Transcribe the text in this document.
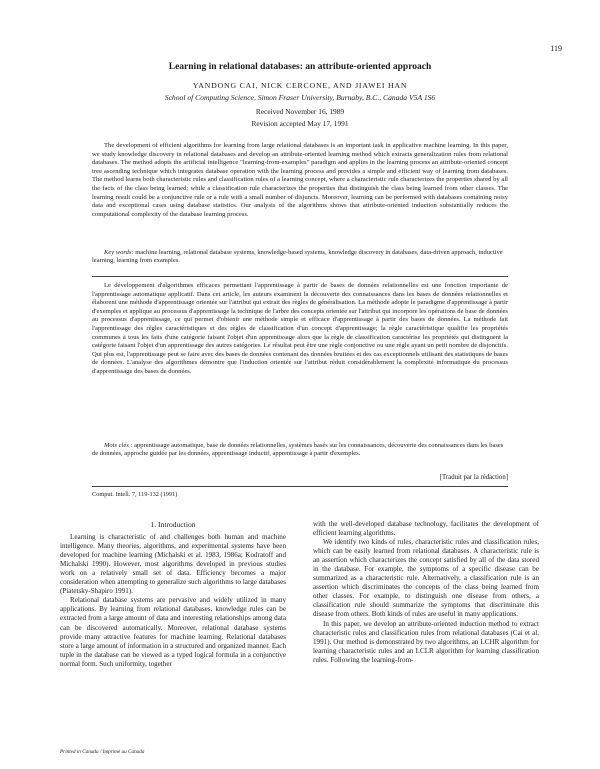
119
Learning in relational databases: an attribute-oriented approach
YANDONG CAI, NICK CERCONE, AND JIAWEI HAN
School of Computing Science, Simon Fraser University, Burnaby, B.C., Canada V5A 1S6
Received November 16, 1989
Revision accepted May 17, 1991

The development of efficient algorithms for learning from large relational databases is an important task in applicative machine learning. In this paper, we study knowledge discovery in relational databases and develop an attribute-oriented learning method which extracts generalization rules from relational databases. The method adopts the artificial intelligence "learning-from-examples" paradigm and applies in the learning process an attribute-oriented concept tree ascending technique which integrates database operation with the learning process and provides a simple and efficient way of learning from databases. The method learns both characteristic rules and classification rules of a learning concept, where a characteristic rule characterizes the properties shared by all the facts of the class being learned; while a classification rule characterizes the properties that distinguish the class being learned from other classes. The learning result could be a conjunctive rule or a rule with a small number of disjuncts. Moreover, learning can be performed with databases containing noisy data and exceptional cases using database statistics. Our analysis of the algorithms shows that attribute-oriented induction substantially reduces the computational complexity of the database learning process.

Key words: machine learning, relational database systems, knowledge-based systems, knowledge discovery in databases, data-driven approach, inductive learning, learning from examples.

Le développement d'algorithmes efficaces permettant l'apprentissage à partir de bases de données relationnelles est une fonction importante de l'apprentissage automatique applicatif. Dans cet article, les auteurs examinent la découverte des connaissances dans les bases de données relationnelles et élaborent une méthode d'apprentissage orientée sur l'attribut qui extrait des règles de généralisation. La méthode adopte le paradigme d'apprentissage à partir d'exemples et applique au processus d'apprentissage la technique de l'arbre des concepts orientée sur l'attribut qui incorpore les opérations de base de données au processus d'apprentissage, ce qui permet d'obtenir une méthode simple et efficace d'apprentissage à partir des bases de données. La méthode fait l'apprentissage des règles caractéristiques et des règles de classification d'un concept d'apprentissage; la règle caractéristique qualifie les propriétés communes à tous les faits d'une catégorie faisant l'objet d'un apprentissage alors que la règle de classification caractérise les propriétés qui distinguent la catégorie faisant l'objet d'un apprentissage des autres catégories. Le résultat peut être une règle conjonctive ou une règle ayant un petit nombre de disjonctifs. Qui plus est, l'apprentissage peut se faire avec des bases de données contenant des données bruitées et des cas exceptionnels utilisant des statistiques de bases de données. L'analyse des algorithmes démontre que l'induction orientée sur l'attribut réduit considérablement la complexité informatique du processus d'apprentissage des bases de données.

Mots clés : apprentissage automatique, base de données relationnelles, systèmes basés sur les connaissances, découverte des connaissances dans les bases de données, approche guidée par les données, apprentissage inductif, apprentissage à partir d'exemples.

[Traduit par la rédaction]
Comput. Intell. 7, 119-132 (1991)
1. Introduction

Learning is characteristic of and challenges both human and machine intelligence. Many theories, algorithms, and experimental systems have been developed for machine learning (Michalski et al. 1983, 1986a; Kodratoff and Michalski 1990). However, most algorithms developed in previous studies work on a relatively small set of data. Efficiency becomes a major consideration when attempting to generalize such algorithms to large databases (Piatetsky-Shapiro 1991).

Relational database systems are pervasive and widely utilized in many applications. By learning from relational databases, knowledge rules can be extracted from a large amount of data and interesting relationships among data can be discovered automatically. Moreover, relational database systems provide many attractive features for machine learning. Relational databases store a large amount of information in a structured and organized manner. Each tuple in the database can be viewed as a typed logical formula in a conjunctive normal form. Such uniformity, together

with the well-developed database technology, facilitates the development of efficient learning algorithms.

We identify two kinds of rules, characteristic rules and classification rules, which can be easily learned from relational databases. A characteristic rule is an assertion which characterizes the concept satisfied by all of the data stored in the database. For example, the symptoms of a specific disease can be summarized as a characteristic rule. Alternatively, a classification rule is an assertion which discriminates the concepts of the class being learned from other classes. For example, to distinguish one disease from others, a classification rule should summarize the symptoms that discriminate this disease from others. Both kinds of rules are useful in many applications.

In this paper, we develop an attribute-oriented induction method to extract characteristic rules and classification rules from relational databases (Cai et al. 1991). Our method is demonstrated by two algorithms, an LCHR algorithm for learning characteristic rules and an LCLR algorithm for learning classification rules. Following the learning-from-

Printed in Canada / Imprimé au Canada
